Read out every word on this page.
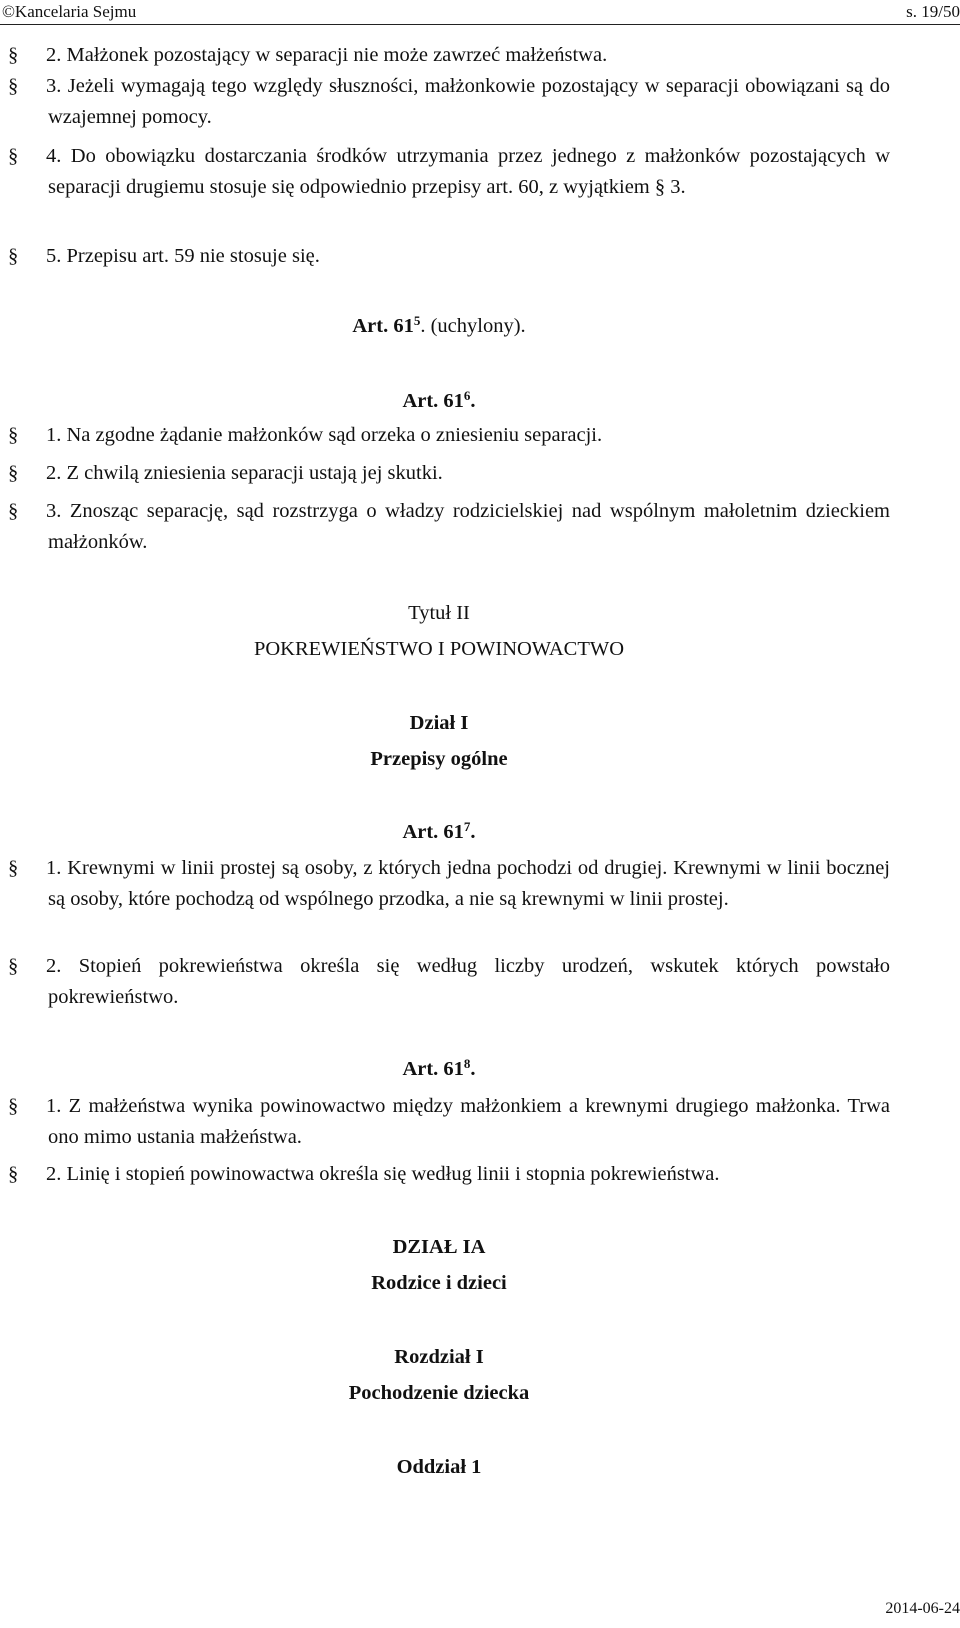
©Kancelaria Sejmu	s. 19/50
§ 2. Małżonek pozostający w separacji nie może zawrzeć małżeństwa.
§ 3. Jeżeli wymagają tego względy słuszności, małżonkowie pozostający w separacji obowiązani są do wzajemnej pomocy.
§ 4. Do obowiązku dostarczania środków utrzymania przez jednego z małżonków pozostających w separacji drugiemu stosuje się odpowiednio przepisy art. 60, z wyjątkiem § 3.
§ 5. Przepisu art. 59 nie stosuje się.
Art. $61^5$. (uchylony).
Art. $61^6$.
§ 1. Na zgodne żądanie małżonków sąd orzeka o zniesieniu separacji.
§ 2. Z chwilą zniesienia separacji ustają jej skutki.
§ 3. Znosząc separację, sąd rozstrzyga o władzy rodzicielskiej nad wspólnym małoletnim dzieckiem małżonków.
Tytuł II
POKREWIEŃSTWO I POWINOWACTWO
Dział I
Przepisy ogólne
Art. $61^7$.
§ 1. Krewnymi w linii prostej są osoby, z których jedna pochodzi od drugiej. Krewnymi w linii bocznej są osoby, które pochodzą od wspólnego przodka, a nie są krewnymi w linii prostej.
§ 2. Stopień pokrewieństwa określa się według liczby urodzeń, wskutek których powstało pokrewieństwo.
Art. $61^8$.
§ 1. Z małżeństwa wynika powinowactwo między małżonkiem a krewnymi drugiego małżonka. Trwa ono mimo ustania małżeństwa.
§ 2. Linię i stopień powinowactwa określa się według linii i stopnia pokrewieństwa.
DZIAŁ IA
Rodzice i dzieci
Rozdział I
Pochodzenie dziecka
Oddział 1
2014-06-24
